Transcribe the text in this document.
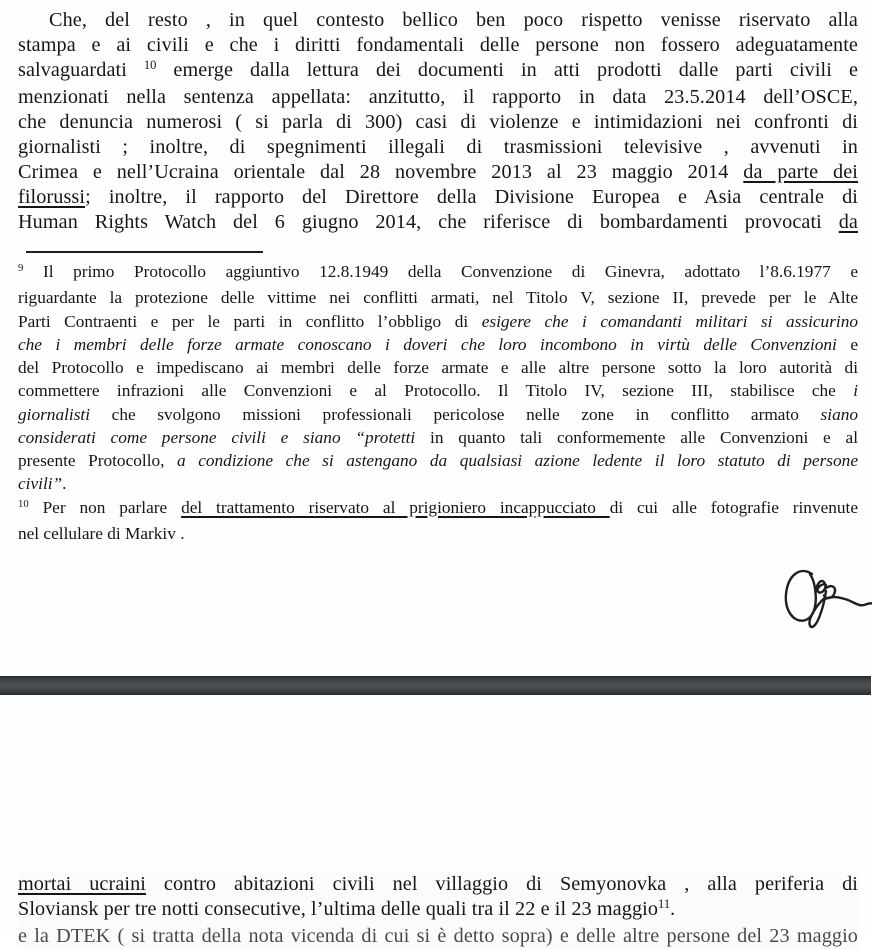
Che, del resto , in quel contesto bellico ben poco rispetto venisse riservato alla
stampa e ai civili e che i diritti fondamentali delle persone non fossero adeguatamente
salvaguardati $^{10}$ emerge dalla lettura dei documenti in atti prodotti dalle parti civili e
menzionati nella sentenza appellata: anzitutto, il rapporto in data 23.5.2014 dell’OSCE,
che denuncia numerosi ( si parla di 300) casi di violenze e intimidazioni nei confronti di
giornalisti ; inoltre, di spegnimenti illegali di trasmissioni televisive , avvenuti in
Crimea e nell’Ucraina orientale dal 28 novembre 2013 al 23 maggio 2014 da parte dei
filorussi; inoltre, il rapporto del Direttore della Divisione Europea e Asia centrale di
Human Rights Watch del 6 giugno 2014, che riferisce di bombardamenti provocati da
$^9$ Il primo Protocollo aggiuntivo 12.8.1949 della Convenzione di Ginevra, adottato l’8.6.1977 e
riguardante la protezione delle vittime nei conflitti armati, nel Titolo V, sezione II, prevede per le Alte
Parti Contraenti e per le parti in conflitto l’obbligo di esigere che i comandanti militari si assicurino
che i membri delle forze armate conoscano i doveri che loro incombono in virtù delle Convenzioni e
del Protocollo e impediscano ai membri delle forze armate e alle altre persone sotto la loro autorità di
commettere infrazioni alle Convenzioni e al Protocollo. Il Titolo IV, sezione III, stabilisce che i
giornalisti che svolgono missioni professionali pericolose nelle zone in conflitto armato siano
considerati come persone civili e siano “protetti in quanto tali conformemente alle Convenzioni e al
presente Protocollo, a condizione che si astengano da qualsiasi azione ledente il loro statuto di persone
civili”.
$^{10}$ Per non parlare del trattamento riservato al prigioniero incappucciato di cui alle fotografie rinvenute
nel cellulare di Markiv .
mortai ucraini contro abitazioni civili nel villaggio di Semyonovka , alla periferia di
Sloviansk per tre notti consecutive, l’ultima delle quali tra il 22 e il 23 maggio$^{11}$.
e la DTEK ( si tratta della nota vicenda di cui si è detto sopra) e delle altre persone del 23 maggio
